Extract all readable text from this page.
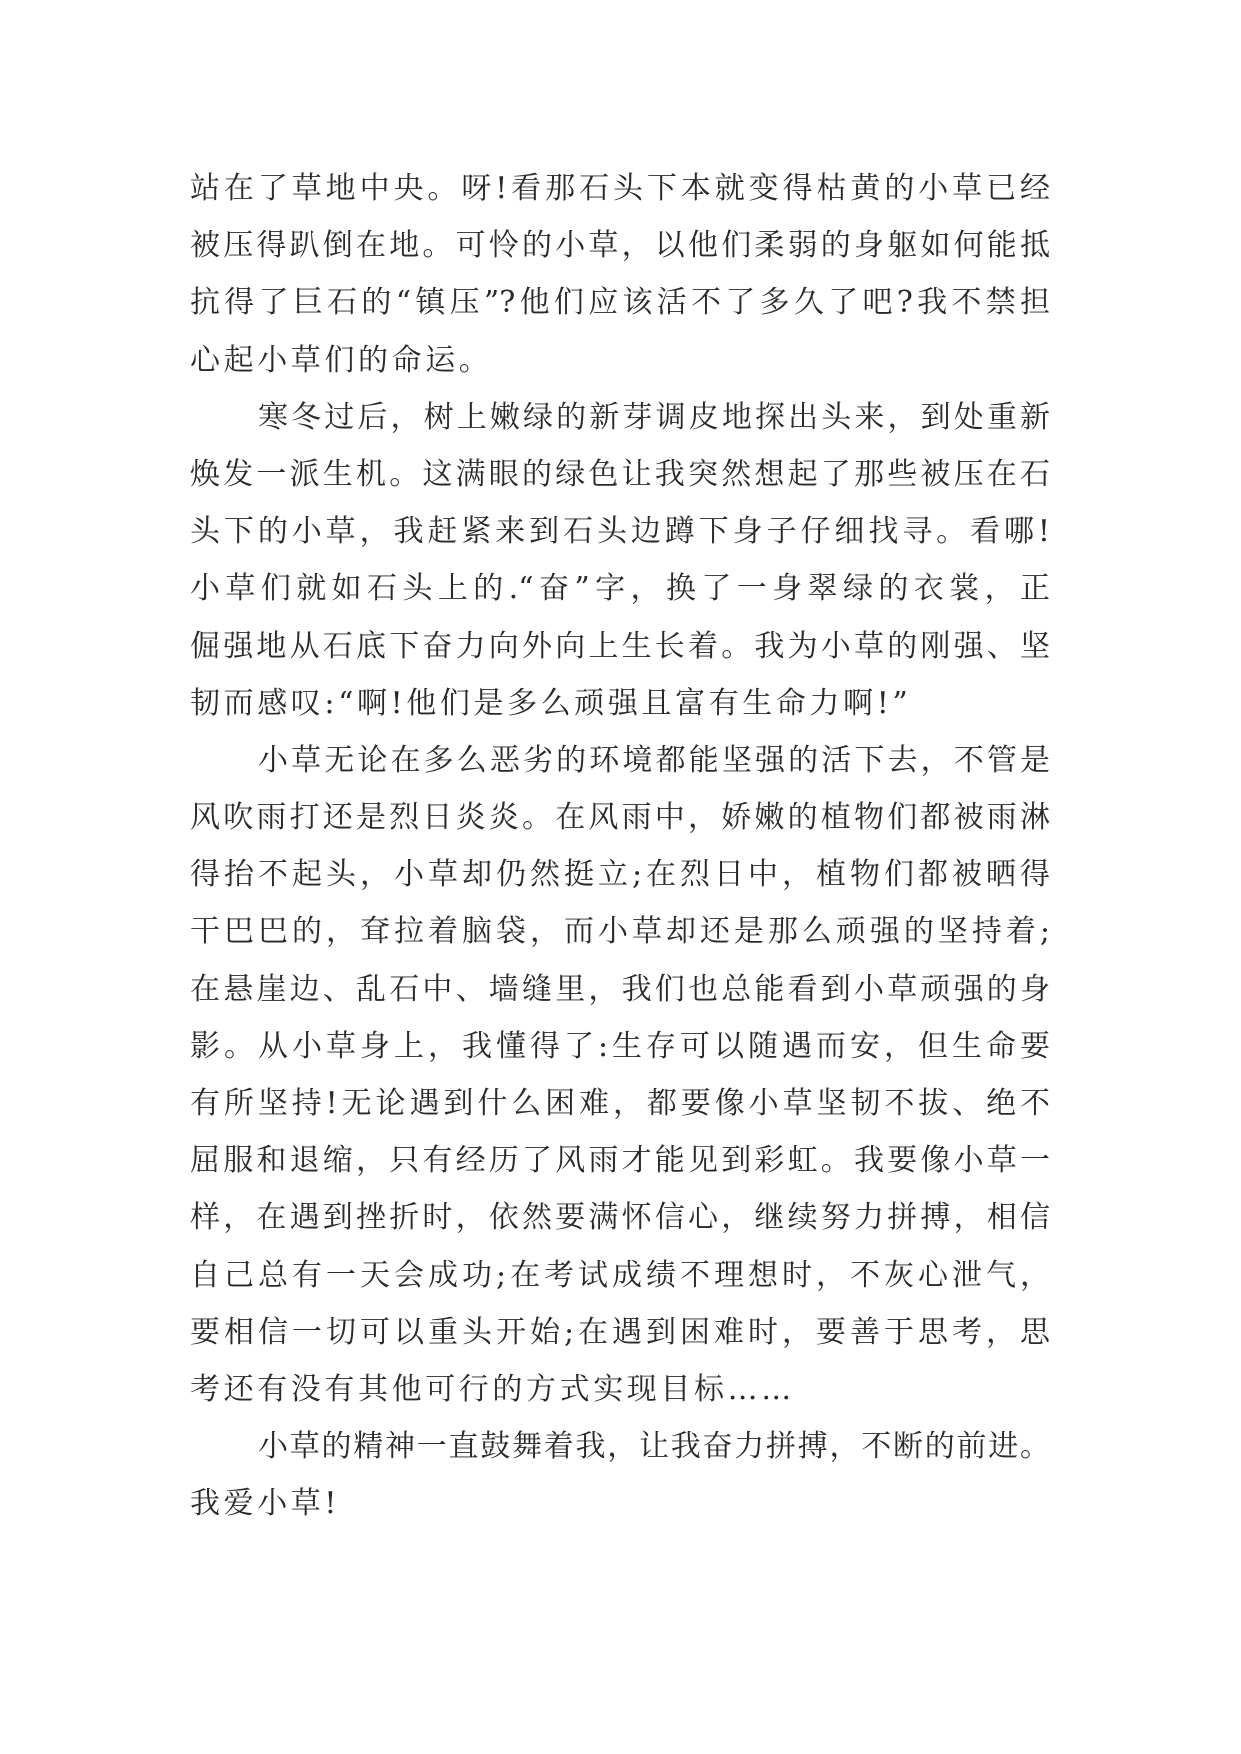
站在了草地中央。呀!看那石头下本就变得枯黄的小草已经
被压得趴倒在地。可怜的小草，以他们柔弱的身躯如何能抵
抗得了巨石的“镇压”?他们应该活不了多久了吧?我不禁担
心起小草们的命运。
寒冬过后，树上嫩绿的新芽调皮地探出头来，到处重新
焕发一派生机。这满眼的绿色让我突然想起了那些被压在石
头下的小草，我赶紧来到石头边蹲下身子仔细找寻。看哪!
小草们就如石头上的.“奋”字，换了一身翠绿的衣裳，正
倔强地从石底下奋力向外向上生长着。我为小草的刚强、坚
韧而感叹:“啊!他们是多么顽强且富有生命力啊!”
小草无论在多么恶劣的环境都能坚强的活下去，不管是
风吹雨打还是烈日炎炎。在风雨中，娇嫩的植物们都被雨淋
得抬不起头，小草却仍然挺立;在烈日中，植物们都被晒得
干巴巴的，耷拉着脑袋，而小草却还是那么顽强的坚持着;
在悬崖边、乱石中、墙缝里，我们也总能看到小草顽强的身
影。从小草身上，我懂得了:生存可以随遇而安，但生命要
有所坚持!无论遇到什么困难，都要像小草坚韧不拔、绝不
屈服和退缩，只有经历了风雨才能见到彩虹。我要像小草一
样，在遇到挫折时，依然要满怀信心，继续努力拼搏，相信
自己总有一天会成功;在考试成绩不理想时，不灰心泄气，
要相信一切可以重头开始;在遇到困难时，要善于思考，思
考还有没有其他可行的方式实现目标……
小草的精神一直鼓舞着我，让我奋力拼搏，不断的前进。
我爱小草!
